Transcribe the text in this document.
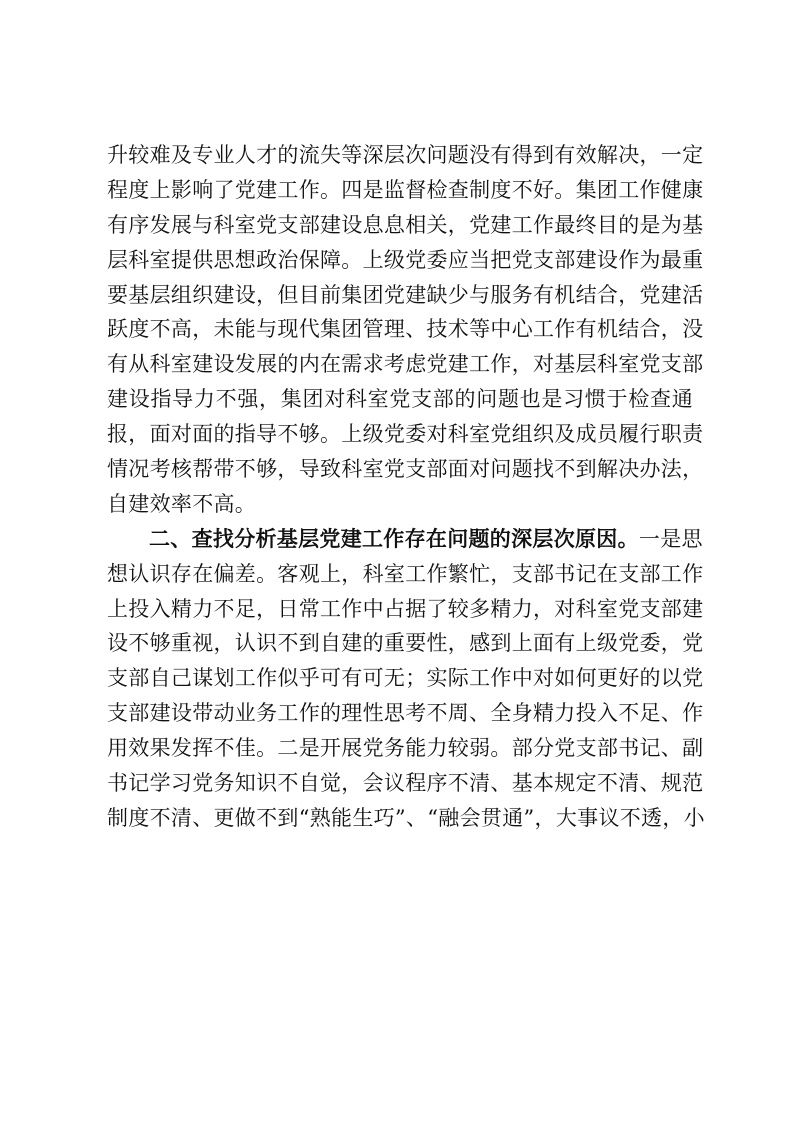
升较难及专业人才的流失等深层次问题没有得到有效解决，一定
程度上影响了党建工作。四是监督检查制度不好。集团工作健康
有序发展与科室党支部建设息息相关，党建工作最终目的是为基
层科室提供思想政治保障。上级党委应当把党支部建设作为最重
要基层组织建设，但目前集团党建缺少与服务有机结合，党建活
跃度不高，未能与现代集团管理、技术等中心工作有机结合，没
有从科室建设发展的内在需求考虑党建工作，对基层科室党支部
建设指导力不强，集团对科室党支部的问题也是习惯于检查通
报，面对面的指导不够。上级党委对科室党组织及成员履行职责
情况考核帮带不够，导致科室党支部面对问题找不到解决办法，
自建效率不高。
二、查找分析基层党建工作存在问题的深层次原因。一是思
想认识存在偏差。客观上，科室工作繁忙，支部书记在支部工作
上投入精力不足，日常工作中占据了较多精力，对科室党支部建
设不够重视，认识不到自建的重要性，感到上面有上级党委，党
支部自己谋划工作似乎可有可无；实际工作中对如何更好的以党
支部建设带动业务工作的理性思考不周、全身精力投入不足、作
用效果发挥不佳。二是开展党务能力较弱。部分党支部书记、副
书记学习党务知识不自觉，会议程序不清、基本规定不清、规范
制度不清、更做不到“熟能生巧”、“融会贯通”，大事议不透，小
